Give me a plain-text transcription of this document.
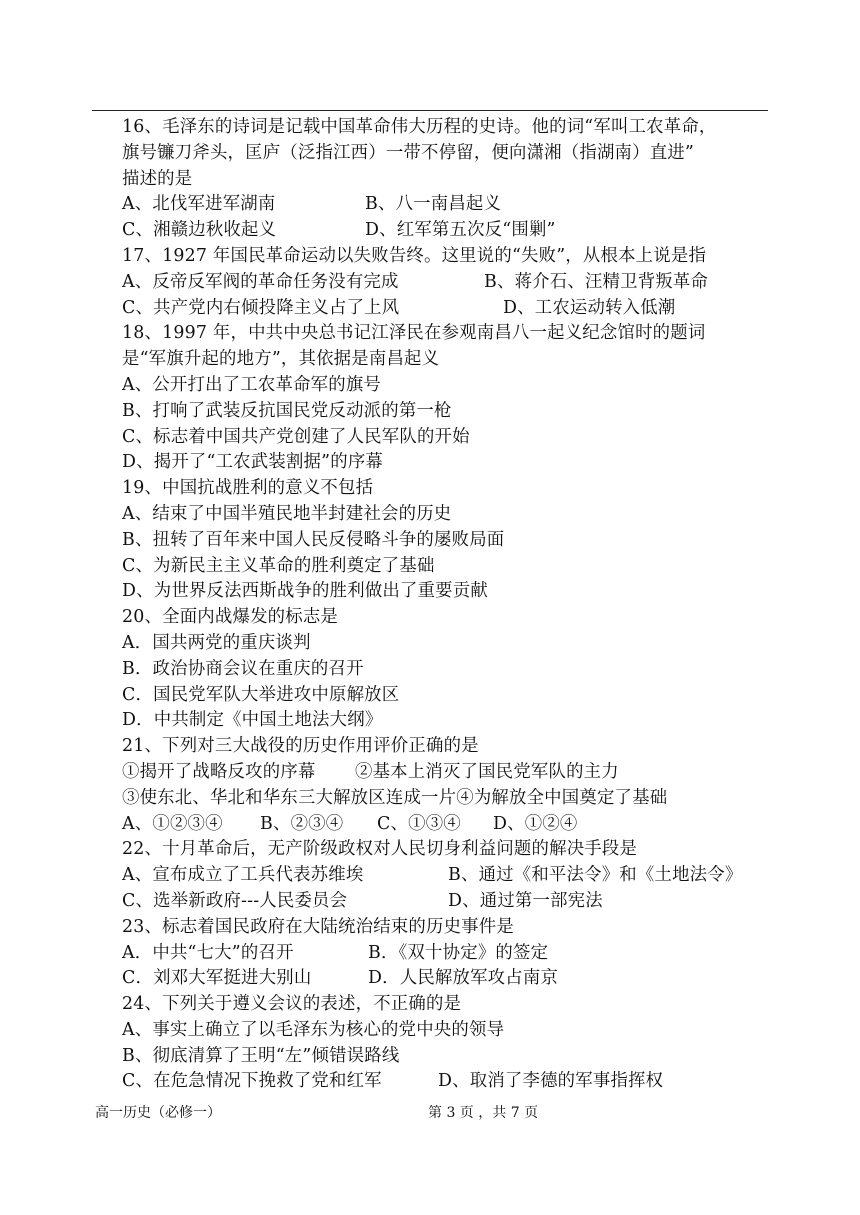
16、毛泽东的诗词是记载中国革命伟大历程的史诗。他的词“军叫工农革命，
旗号镰刀斧头，匡庐（泛指江西）一带不停留，便向潇湘（指湖南）直进”
描述的是
A、北伐军进军湖南	B、八一南昌起义
C、湘赣边秋收起义	D、红军第五次反“围剿”
17、1927 年国民革命运动以失败告终。这里说的“失败”，从根本上说是指
A、反帝反军阀的革命任务没有完成	B、蒋介石、汪精卫背叛革命
C、共产党内右倾投降主义占了上风	D、工农运动转入低潮
18、1997 年，中共中央总书记江泽民在参观南昌八一起义纪念馆时的题词
是“军旗升起的地方”，其依据是南昌起义
A、公开打出了工农革命军的旗号
B、打响了武装反抗国民党反动派的第一枪
C、标志着中国共产党创建了人民军队的开始
D、揭开了“工农武装割据”的序幕
19、中国抗战胜利的意义不包括
A、结束了中国半殖民地半封建社会的历史
B、扭转了百年来中国人民反侵略斗争的屡败局面
C、为新民主主义革命的胜利奠定了基础
D、为世界反法西斯战争的胜利做出了重要贡献
20、全面内战爆发的标志是
A．国共两党的重庆谈判
B．政治协商会议在重庆的召开
C．国民党军队大举进攻中原解放区
D．中共制定《中国土地法大纲》
21、下列对三大战役的历史作用评价正确的是
①揭开了战略反攻的序幕	②基本上消灭了国民党军队的主力
③使东北、华北和华东三大解放区连成一片④为解放全中国奠定了基础
A、①②③④	B、②③④	C、①③④	D、①②④
22、十月革命后，无产阶级政权对人民切身利益问题的解决手段是
A、宣布成立了工兵代表苏维埃	B、通过《和平法令》和《土地法令》
C、选举新政府---人民委员会	D、通过第一部宪法
23、标志着国民政府在大陆统治结束的历史事件是
A．中共“七大”的召开	B．《双十协定》的签定
C．刘邓大军挺进大别山	D．人民解放军攻占南京
24、下列关于遵义会议的表述，不正确的是
A、事实上确立了以毛泽东为核心的党中央的领导
B、彻底清算了王明“左”倾错误路线
C、在危急情况下挽救了党和红军	D、取消了李德的军事指挥权
高一历史（必修一）	第 3 页 ，共 7 页
